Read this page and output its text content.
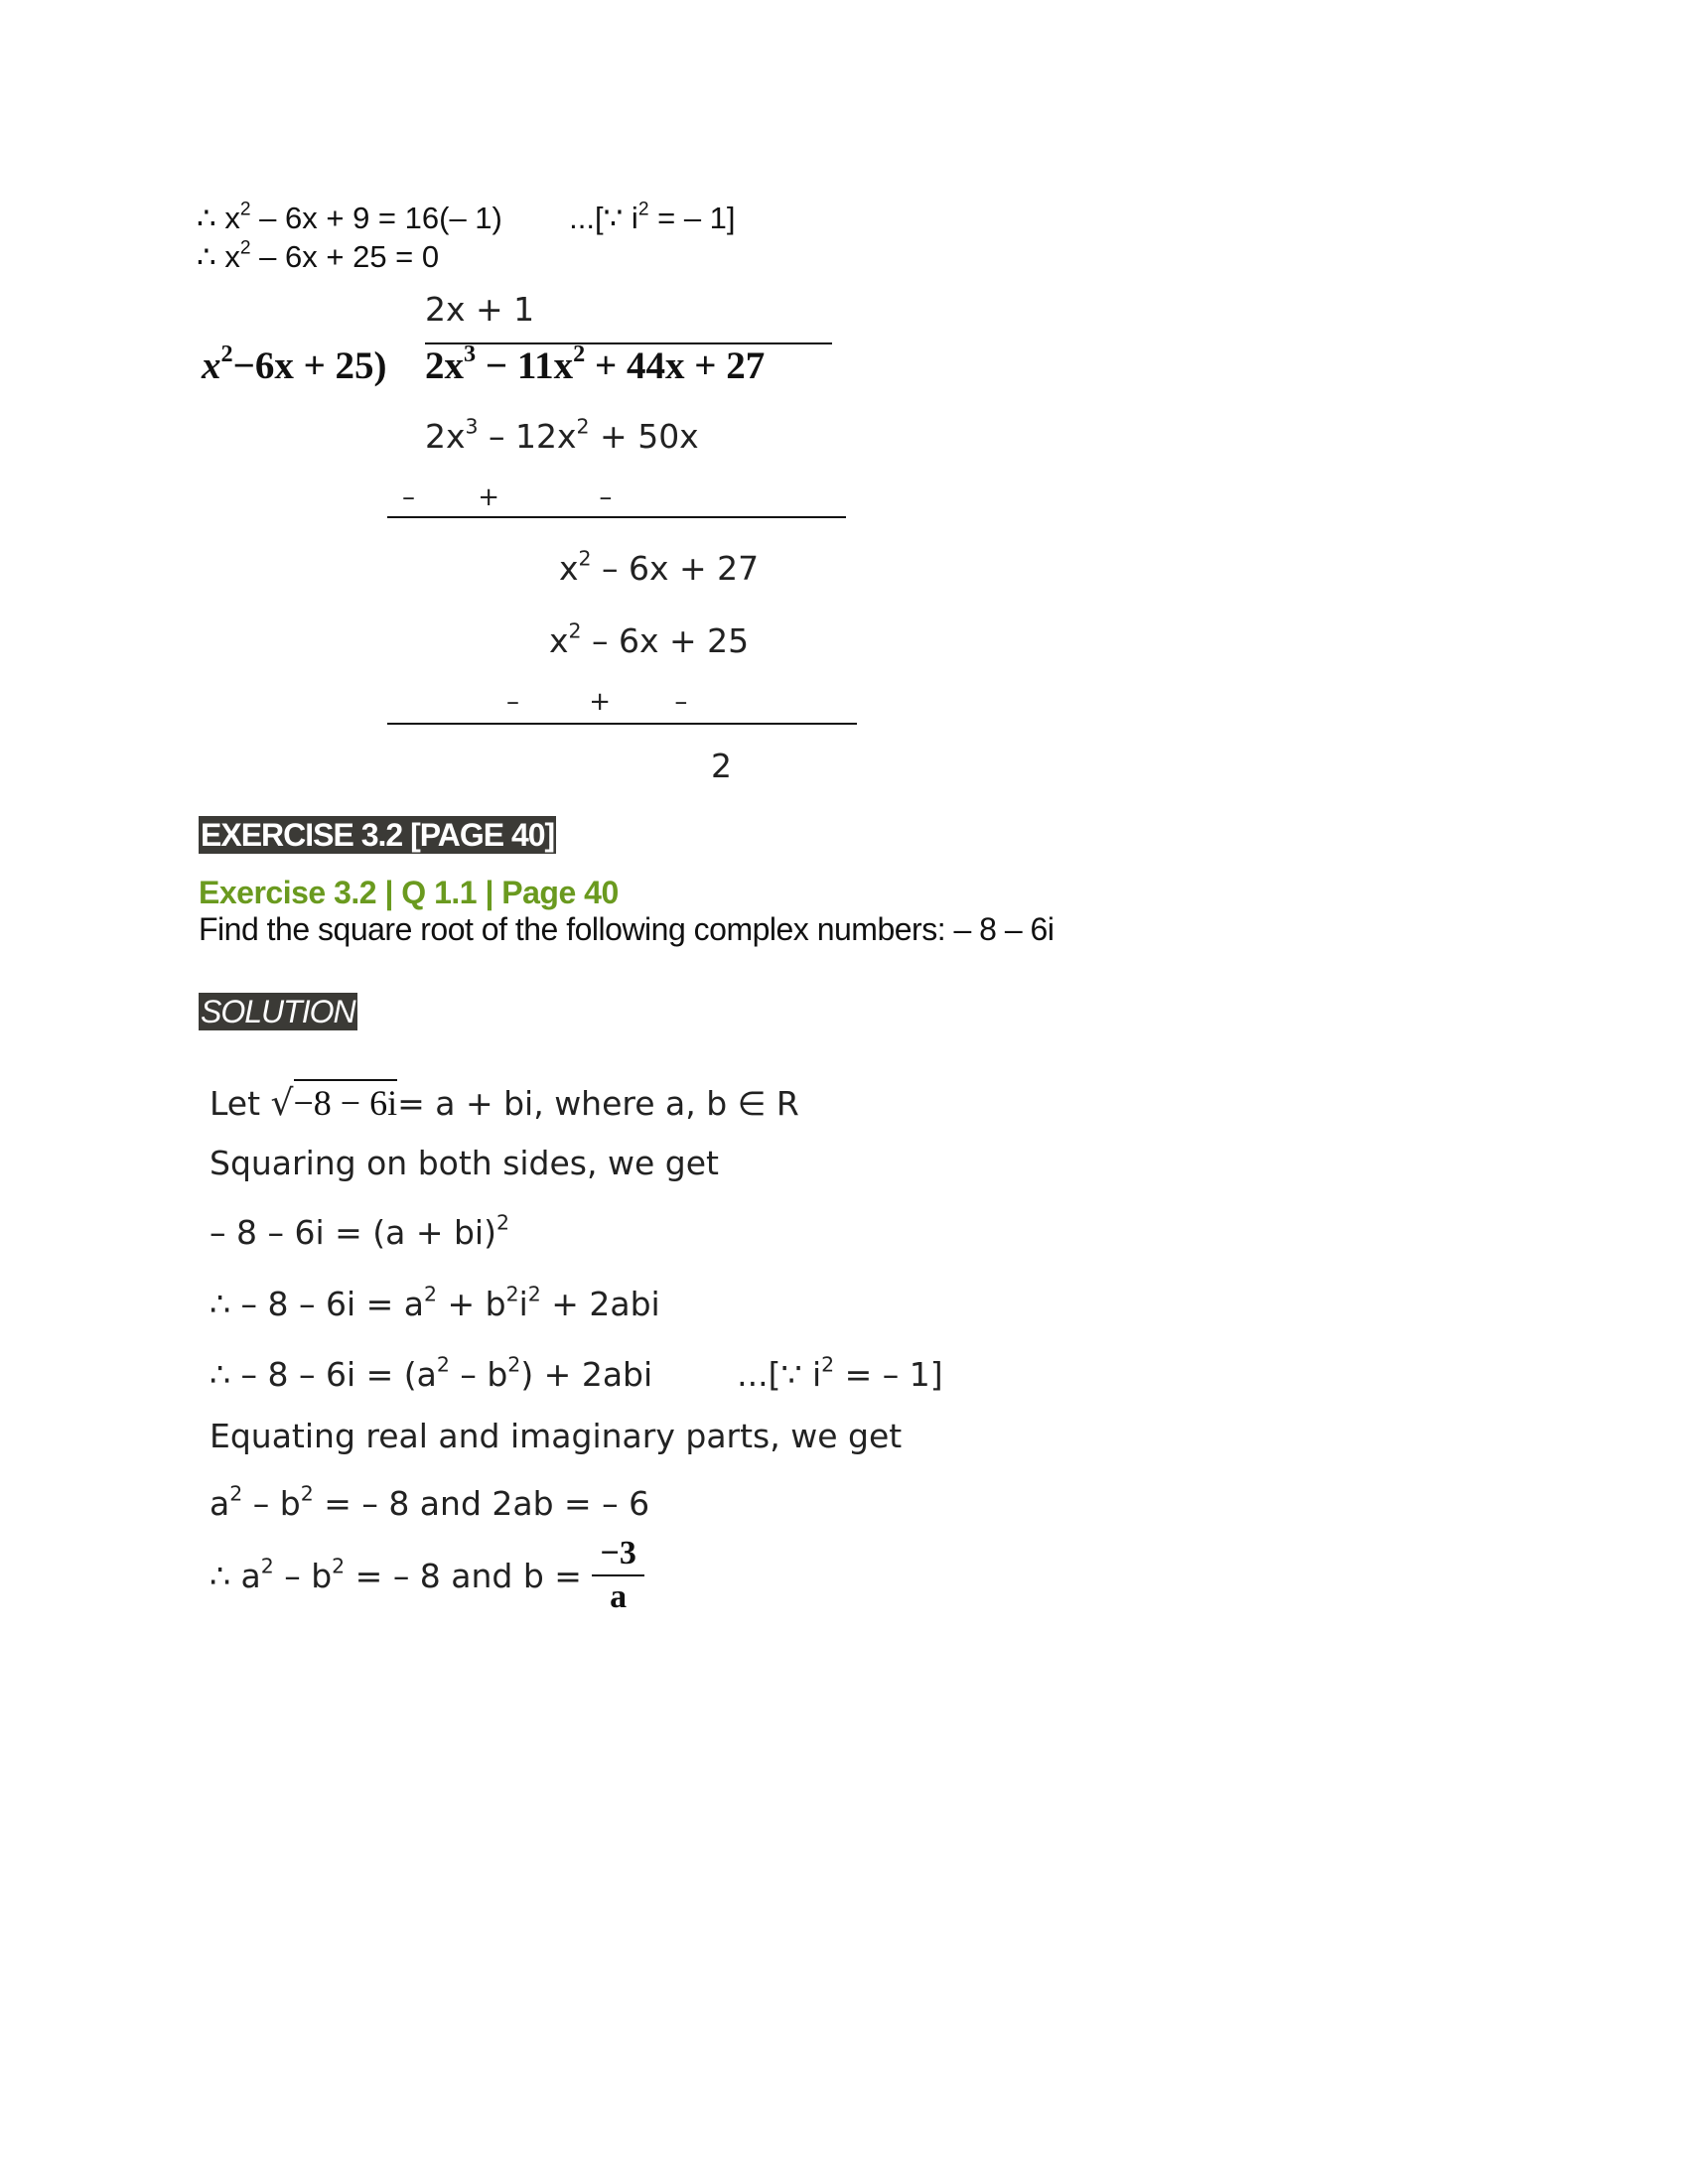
∴ $x^2 - 6x + 9 = 16(-$ 1) ...[∵ $i^2$ = – 1]
∴ $x^2 - 6x + 25 = 0$
2x + 1
$x^2-6x + 25$) $2x^3 - 11x^2 + 44x + 27$
$2x^3 - 12x^2 + 50x$
– +	–
$x^2 - 6x + 27$
$x^2 - 6x + 25$
–	+ –
2
EXERCISE 3.2 [PAGE 40]
Exercise 3.2 | Q 1.1 | Page 40
Find the square root of the following complex numbers: – 8 – 6i
SOLUTION
Let √−8 − 6i= a + bi, where a, b ∈ R
Squaring on both sides, we get
– 8 – 6i = (a + bi)$^2$
∴ – $8 - 6i = a^2 + b^2i^2 + 2abi$
∴ – $8 - 6i = (a^2 - b^2) + 2abi$	...[∵ $i^2$ = – 1]
Equating real and imaginary parts, we get
$a^2 - b^2$ = – 8 and 2ab = – 6
∴ $a^2 - b^2$ = – 8 and $b = \frac{-3}{a}$
